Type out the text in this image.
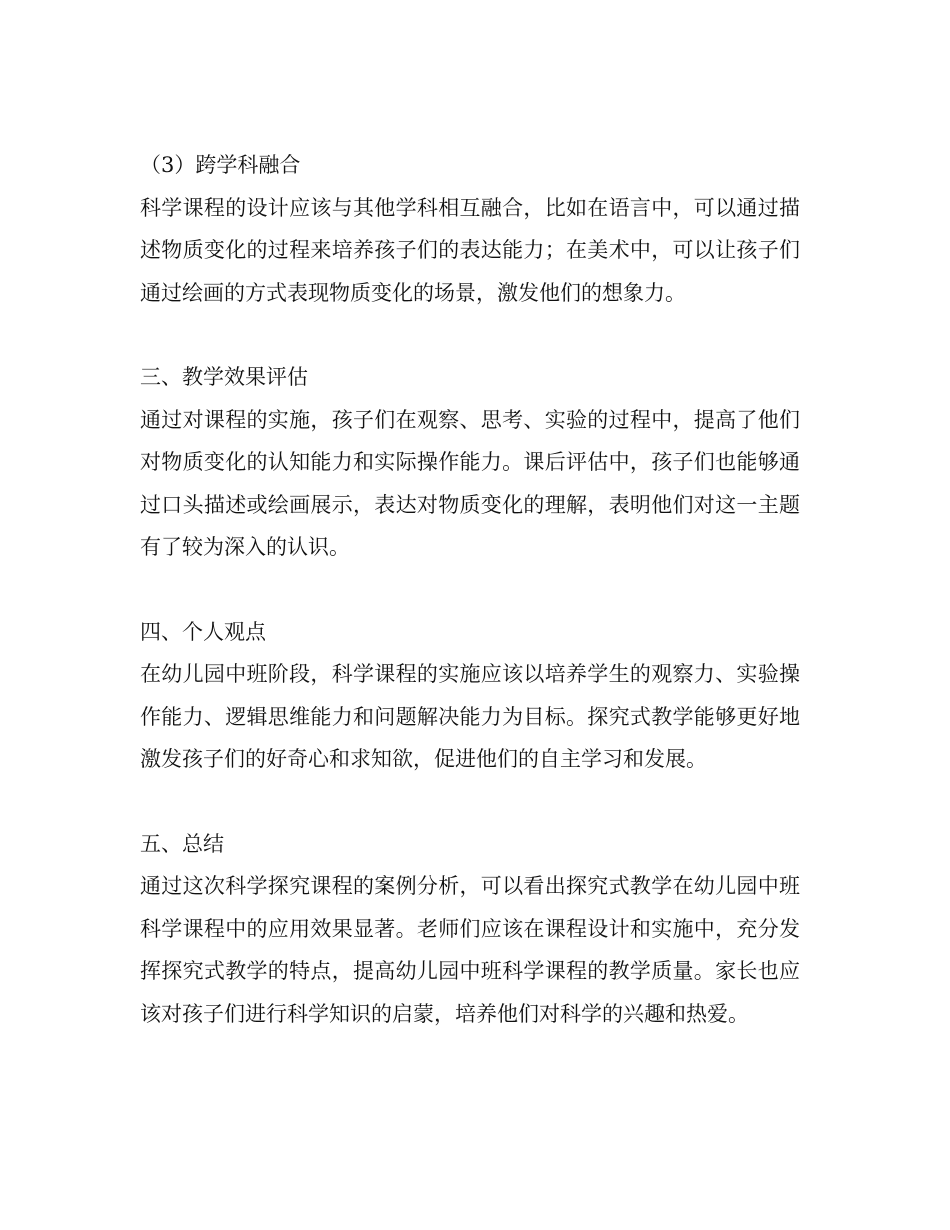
（3）跨学科融合

科学课程的设计应该与其他学科相互融合，比如在语言中，可以通过描述物质变化的过程来培养孩子们的表达能力；在美术中，可以让孩子们通过绘画的方式表现物质变化的场景，激发他们的想象力。

三、教学效果评估

通过对课程的实施，孩子们在观察、思考、实验的过程中，提高了他们对物质变化的认知能力和实际操作能力。课后评估中，孩子们也能够通过口头描述或绘画展示，表达对物质变化的理解，表明他们对这一主题有了较为深入的认识。

四、个人观点

在幼儿园中班阶段，科学课程的实施应该以培养学生的观察力、实验操作能力、逻辑思维能力和问题解决能力为目标。探究式教学能够更好地激发孩子们的好奇心和求知欲，促进他们的自主学习和发展。

五、总结

通过这次科学探究课程的案例分析，可以看出探究式教学在幼儿园中班科学课程中的应用效果显著。老师们应该在课程设计和实施中，充分发挥探究式教学的特点，提高幼儿园中班科学课程的教学质量。家长也应该对孩子们进行科学知识的启蒙，培养他们对科学的兴趣和热爱。
